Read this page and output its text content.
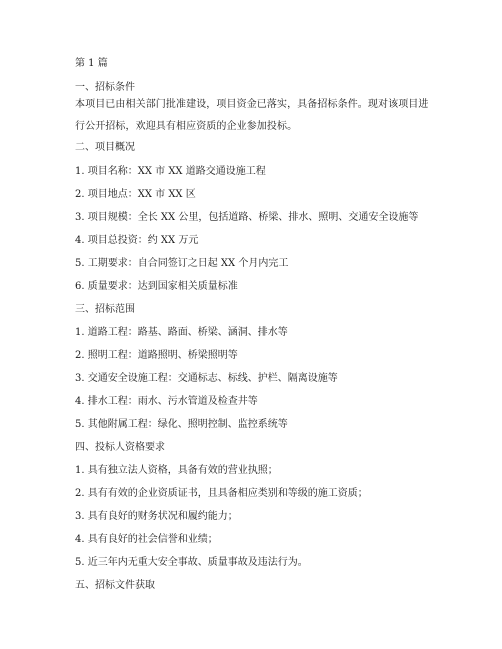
第 1 篇
一、招标条件
本项目已由相关部门批准建设，项目资金已落实，具备招标条件。现对该项目进行公开招标，欢迎具有相应资质的企业参加投标。
二、项目概况
1. 项目名称：XX 市 XX 道路交通设施工程
2. 项目地点：XX 市 XX 区
3. 项目规模：全长 XX 公里，包括道路、桥梁、排水、照明、交通安全设施等
4. 项目总投资：约 XX 万元
5. 工期要求：自合同签订之日起 XX 个月内完工
6. 质量要求：达到国家相关质量标准
三、招标范围
1. 道路工程：路基、路面、桥梁、涵洞、排水等
2. 照明工程：道路照明、桥梁照明等
3. 交通安全设施工程：交通标志、标线、护栏、隔离设施等
4. 排水工程：雨水、污水管道及检查井等
5. 其他附属工程：绿化、照明控制、监控系统等
四、投标人资格要求
1. 具有独立法人资格，具备有效的营业执照；
2. 具有有效的企业资质证书，且具备相应类别和等级的施工资质；
3. 具有良好的财务状况和履约能力；
4. 具有良好的社会信誉和业绩；
5. 近三年内无重大安全事故、质量事故及违法行为。
五、招标文件获取
